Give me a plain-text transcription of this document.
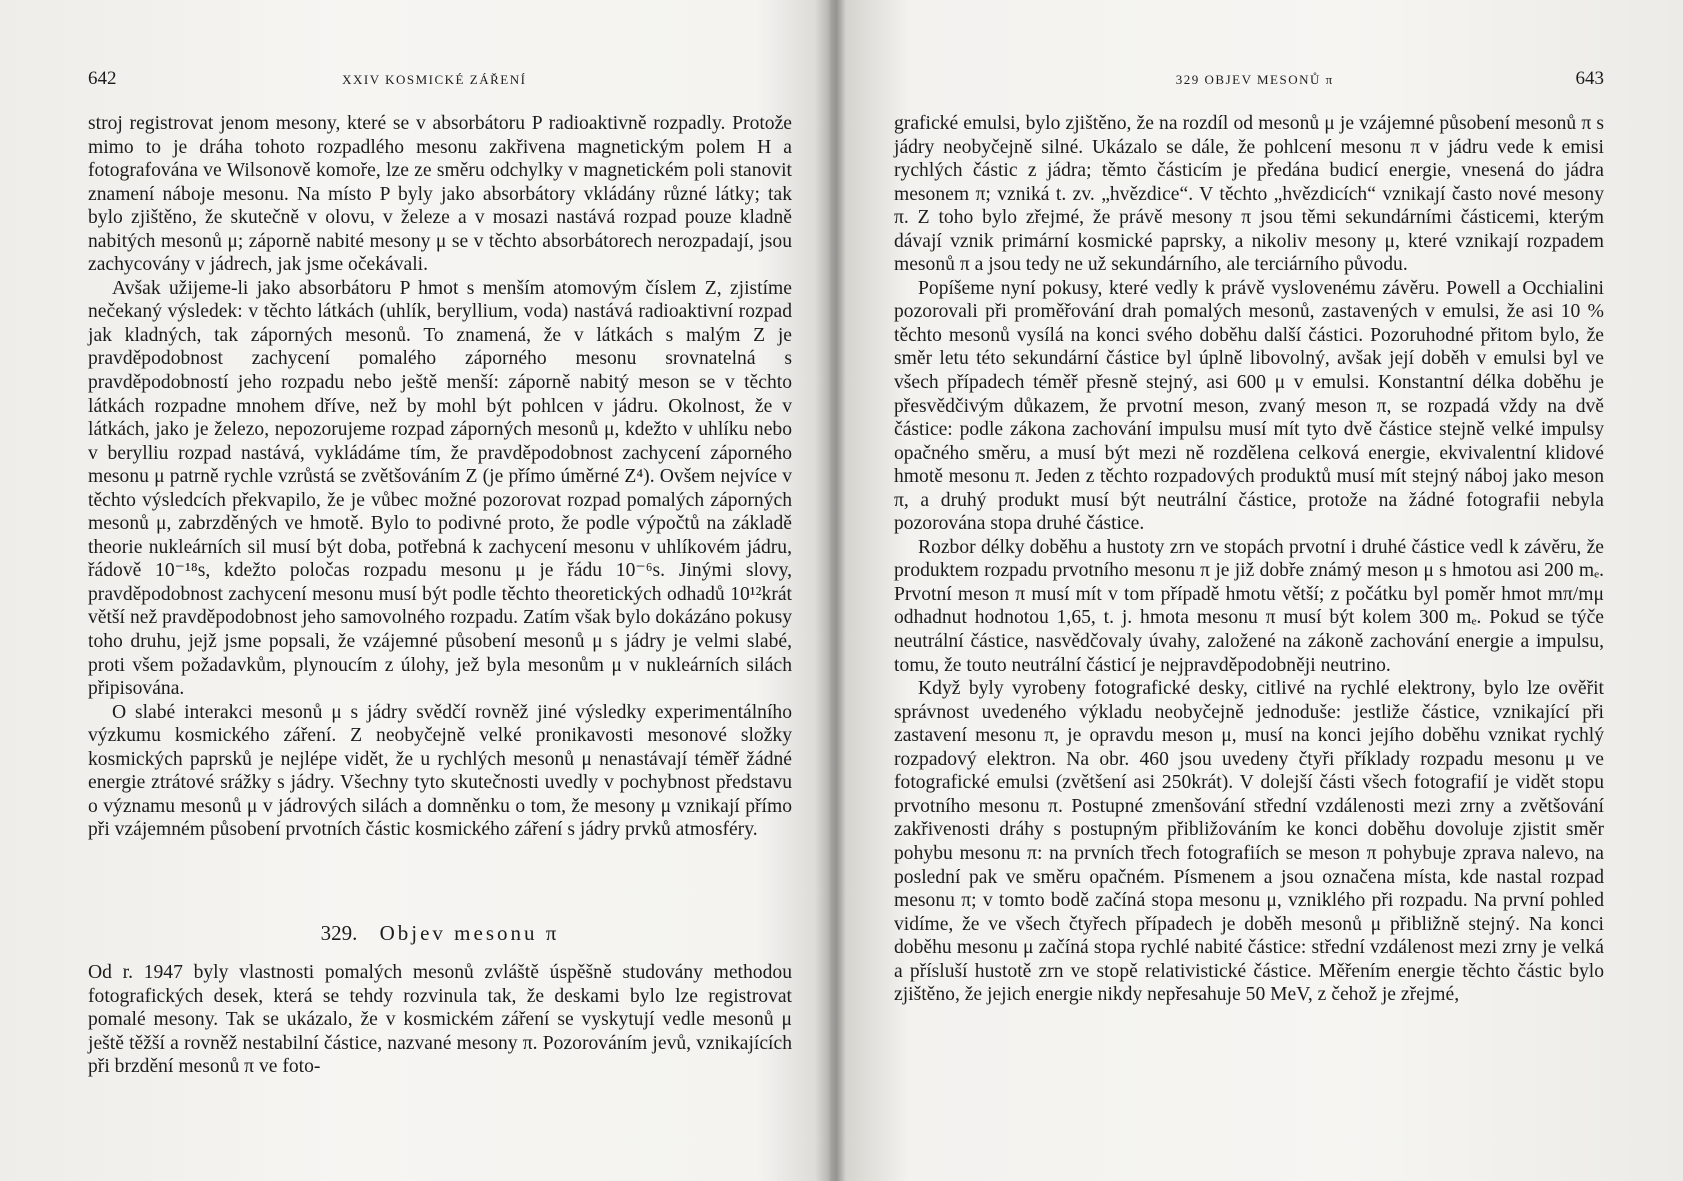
642	XXIV KOSMICKÉ ZÁŘENÍ

stroj registrovat jenom mesony, které se v absorbátoru P radioaktivně rozpadly. Protože mimo to je dráha tohoto rozpadlého mesonu zakřivena magnetickým polem H a fotografována ve Wilsonově komoře, lze ze směru odchylky v magnetickém poli stanovit znamení náboje mesonu. Na místo P byly jako absorbátory vkládány různé látky; tak bylo zjištěno, že skutečně v olovu, v železe a v mosazi nastává rozpad pouze kladně nabitých mesonů μ; záporně nabité mesony μ se v těchto absorbátorech nerozpadají, jsou zachycovány v jádrech, jak jsme očekávali.

Avšak užijeme-li jako absorbátoru P hmot s menším atomovým číslem Z, zjistíme nečekaný výsledek: v těchto látkách (uhlík, beryllium, voda) nastává radioaktivní rozpad jak kladných, tak záporných mesonů. To znamená, že v látkách s malým Z je pravděpodobnost zachycení pomalého záporného mesonu srovnatelná s pravděpodobností jeho rozpadu nebo ještě menší: záporně nabitý meson se v těchto látkách rozpadne mnohem dříve, než by mohl být pohlcen v jádru. Okolnost, že v látkách, jako je železo, nepozorujeme rozpad záporných mesonů μ, kdežto v uhlíku nebo v berylliu rozpad nastává, vykládáme tím, že pravděpodobnost zachycení záporného mesonu μ patrně rychle vzrůstá se zvětšováním Z (je přímo úměrné Z⁴). Ovšem nejvíce v těchto výsledcích překvapilo, že je vůbec možné pozorovat rozpad pomalých záporných mesonů μ, zabrzděných ve hmotě. Bylo to podivné proto, že podle výpočtů na základě theorie nukleárních sil musí být doba, potřebná k zachycení mesonu v uhlíkovém jádru, řádově 10⁻¹⁸s, kdežto poločas rozpadu mesonu μ je řádu 10⁻⁶s. Jinými slovy, pravděpodobnost zachycení mesonu musí být podle těchto theoretických odhadů 10¹²krát větší než pravděpodobnost jeho samovolného rozpadu. Zatím však bylo dokázáno pokusy toho druhu, jejž jsme popsali, že vzájemné působení mesonů μ s jádry je velmi slabé, proti všem požadavkům, plynoucím z úlohy, jež byla mesonům μ v nukleárních silách připisována.

O slabé interakci mesonů μ s jádry svědčí rovněž jiné výsledky experimentálního výzkumu kosmického záření. Z neobyčejně velké pronikavosti mesonové složky kosmických paprsků je nejlépe vidět, že u rychlých mesonů μ nenastávají téměř žádné energie ztrátové srážky s jádry. Všechny tyto skutečnosti uvedly v pochybnost představu o významu mesonů μ v jádrových silách a domněnku o tom, že mesony μ vznikají přímo při vzájemném působení prvotních částic kosmického záření s jádry prvků atmosféry.

329. Objev mesonu π

Od r. 1947 byly vlastnosti pomalých mesonů zvláště úspěšně studovány methodou fotografických desek, která se tehdy rozvinula tak, že deskami bylo lze registrovat pomalé mesony. Tak se ukázalo, že v kosmickém záření se vyskytují vedle mesonů μ ještě těžší a rovněž nestabilní částice, nazvané mesony π. Pozorováním jevů, vznikajících při brzdění mesonů π ve foto-

329 OBJEV MESONŮ π	643

grafické emulsi, bylo zjištěno, že na rozdíl od mesonů μ je vzájemné působení mesonů π s jádry neobyčejně silné. Ukázalo se dále, že pohlcení mesonu π v jádru vede k emisi rychlých částic z jádra; těmto částicím je předána budicí energie, vnesená do jádra mesonem π; vzniká t. zv. „hvězdice“. V těchto „hvězdicích“ vznikají často nové mesony π. Z toho bylo zřejmé, že právě mesony π jsou těmi sekundárními částicemi, kterým dávají vznik primární kosmické paprsky, a nikoliv mesony μ, které vznikají rozpadem mesonů π a jsou tedy ne už sekundárního, ale terciárního původu.

Popíšeme nyní pokusy, které vedly k právě vyslovenému závěru. Powell a Occhialini pozorovali při proměřování drah pomalých mesonů, zastavených v emulsi, že asi 10 % těchto mesonů vysílá na konci svého doběhu další částici. Pozoruhodné přitom bylo, že směr letu této sekundární částice byl úplně libovolný, avšak její doběh v emulsi byl ve všech případech téměř přesně stejný, asi 600 μ v emulsi. Konstantní délka doběhu je přesvědčivým důkazem, že prvotní meson, zvaný meson π, se rozpadá vždy na dvě částice: podle zákona zachování impulsu musí mít tyto dvě částice stejně velké impulsy opačného směru, a musí být mezi ně rozdělena celková energie, ekvivalentní klidové hmotě mesonu π. Jeden z těchto rozpadových produktů musí mít stejný náboj jako meson π, a druhý produkt musí být neutrální částice, protože na žádné fotografii nebyla pozorována stopa druhé částice.

Rozbor délky doběhu a hustoty zrn ve stopách prvotní i druhé částice vedl k závěru, že produktem rozpadu prvotního mesonu π je již dobře známý meson μ s hmotou asi 200 mₑ. Prvotní meson π musí mít v tom případě hmotu větší; z počátku byl poměr hmot mπ/mμ odhadnut hodnotou 1,65, t. j. hmota mesonu π musí být kolem 300 mₑ. Pokud se týče neutrální částice, nasvědčovaly úvahy, založené na zákoně zachování energie a impulsu, tomu, že touto neutrální částicí je nejpravděpodobněji neutrino.

Když byly vyrobeny fotografické desky, citlivé na rychlé elektrony, bylo lze ověřit správnost uvedeného výkladu neobyčejně jednoduše: jestliže částice, vznikající při zastavení mesonu π, je opravdu meson μ, musí na konci jejího doběhu vznikat rychlý rozpadový elektron. Na obr. 460 jsou uvedeny čtyři příklady rozpadu mesonu μ ve fotografické emulsi (zvětšení asi 250krát). V dolejší části všech fotografií je vidět stopu prvotního mesonu π. Postupné zmenšování střední vzdálenosti mezi zrny a zvětšování zakřivenosti dráhy s postupným přibližováním ke konci doběhu dovoluje zjistit směr pohybu mesonu π: na prvních třech fotografiích se meson π pohybuje zprava nalevo, na poslední pak ve směru opačném. Písmenem a jsou označena místa, kde nastal rozpad mesonu π; v tomto bodě začíná stopa mesonu μ, vzniklého při rozpadu. Na první pohled vidíme, že ve všech čtyřech případech je doběh mesonů μ přibližně stejný. Na konci doběhu mesonu μ začíná stopa rychlé nabité částice: střední vzdálenost mezi zrny je velká a přísluší hustotě zrn ve stopě relativistické částice. Měřením energie těchto částic bylo zjištěno, že jejich energie nikdy nepřesahuje 50 MeV, z čehož je zřejmé,
